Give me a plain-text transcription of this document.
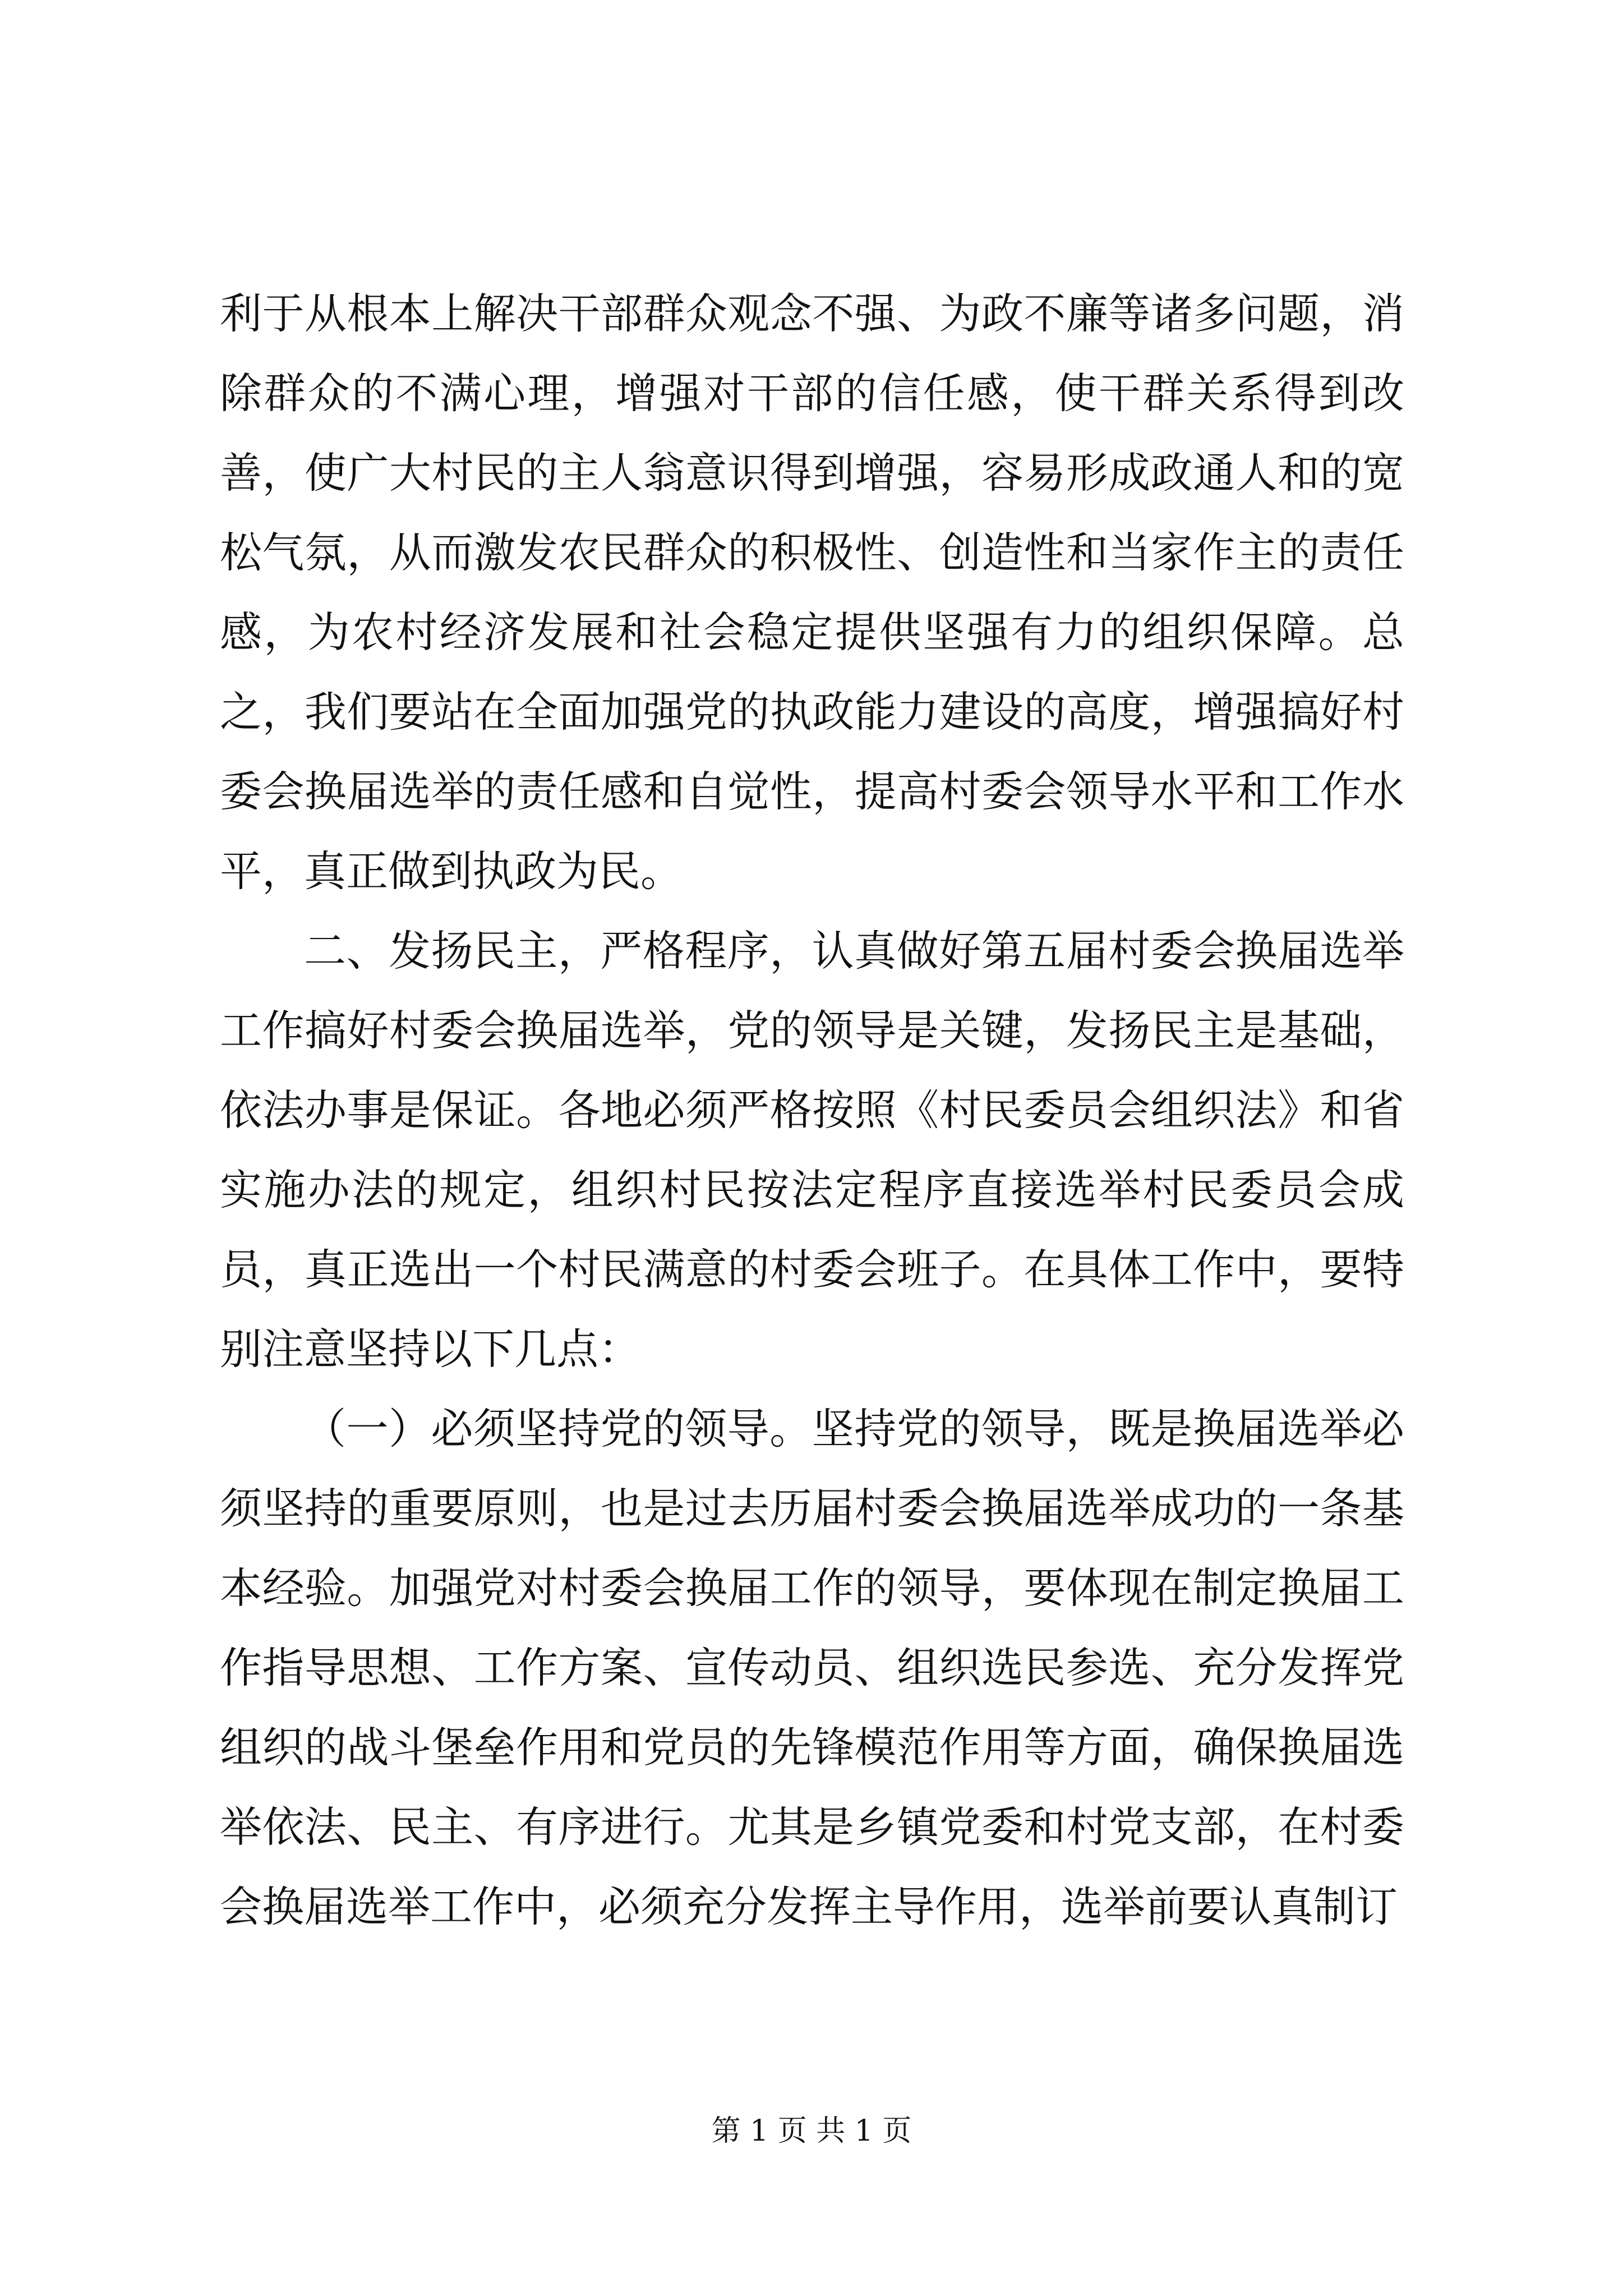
利于从根本上解决干部群众观念不强、为政不廉等诸多问题，消除群众的不满心理，增强对干部的信任感，使干群关系得到改善，使广大村民的主人翁意识得到增强，容易形成政通人和的宽松气氛，从而激发农民群众的积极性、创造性和当家作主的责任感，为农村经济发展和社会稳定提供坚强有力的组织保障。总之，我们要站在全面加强党的执政能力建设的高度，增强搞好村委会换届选举的责任感和自觉性，提高村委会领导水平和工作水平，真正做到执政为民。

二、发扬民主，严格程序，认真做好第五届村委会换届选举工作搞好村委会换届选举，党的领导是关键，发扬民主是基础，依法办事是保证。各地必须严格按照《村民委员会组织法》和省实施办法的规定，组织村民按法定程序直接选举村民委员会成员，真正选出一个村民满意的村委会班子。在具体工作中，要特别注意坚持以下几点：

（一）必须坚持党的领导。坚持党的领导，既是换届选举必须坚持的重要原则，也是过去历届村委会换届选举成功的一条基本经验。加强党对村委会换届工作的领导，要体现在制定换届工作指导思想、工作方案、宣传动员、组织选民参选、充分发挥党组织的战斗堡垒作用和党员的先锋模范作用等方面，确保换届选举依法、民主、有序进行。尤其是乡镇党委和村党支部，在村委会换届选举工作中，必须充分发挥主导作用，选举前要认真制订

第 1 页 共 1 页
